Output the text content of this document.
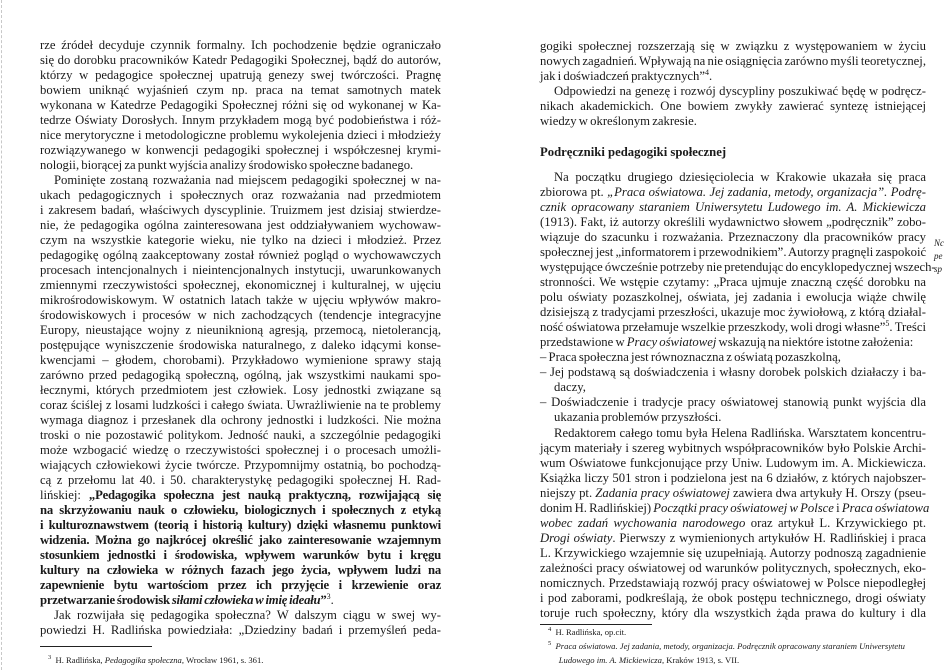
rze źródeł decyduje czynnik formalny. Ich pochodzenie będzie ograniczało
się do dorobku pracowników Katedr Pedagogiki Społecznej, bądź do autorów,
którzy w pedagogice społecznej upatrują genezy swej twórczości. Pragnę
bowiem uniknąć wyjaśnień czym np. praca na temat samotnych matek
wykonana w Katedrze Pedagogiki Społecznej różni się od wykonanej w Ka-
tedrze Oświaty Dorosłych. Innym przykładem mogą być podobieństwa i róż-
nice merytoryczne i metodologiczne problemu wykolejenia dzieci i młodzieży
rozwiązywanego w konwencji pedagogiki społecznej i współczesnej krymi-
nologii, biorącej za punkt wyjścia analizy środowisko społeczne badanego.
Pominięte zostaną rozważania nad miejscem pedagogiki społecznej w na-
ukach pedagogicznych i społecznych oraz rozważania nad przedmiotem
i zakresem badań, właściwych dyscyplinie. Truizmem jest dzisiaj stwierdze-
nie, że pedagogika ogólna zainteresowana jest oddziaływaniem wychowaw-
czym na wszystkie kategorie wieku, nie tylko na dzieci i młodzież. Przez
pedagogikę ogólną zaakceptowany został również pogląd o wychowawczych
procesach intencjonalnych i nieintencjonalnych instytucji, uwarunkowanych
zmiennymi rzeczywistości społecznej, ekonomicznej i kulturalnej, w ujęciu
mikrośrodowiskowym. W ostatnich latach także w ujęciu wpływów makro-
środowiskowych i procesów w nich zachodzących (tendencje integracyjne
Europy, nieustające wojny z nieuniknioną agresją, przemocą, nietolerancją,
postępujące wyniszczenie środowiska naturalnego, z daleko idącymi konse-
kwencjami – głodem, chorobami). Przykładowo wymienione sprawy stają
zarówno przed pedagogiką społeczną, ogólną, jak wszystkimi naukami spo-
łecznymi, których przedmiotem jest człowiek. Losy jednostki związane są
coraz ściślej z losami ludzkości i całego świata. Uwrażliwienie na te problemy
wymaga diagnoz i przesłanek dla ochrony jednostki i ludzkości. Nie można
troski o nie pozostawić politykom. Jedność nauki, a szczególnie pedagogiki
może wzbogacić wiedzę o rzeczywistości społecznej i o procesach umożli-
wiających człowiekowi życie twórcze. Przypomnijmy ostatnią, bo pochodzą-
cą z przełomu lat 40. i 50. charakterystykę pedagogiki społecznej H. Rad-
lińskiej: „Pedagogika społeczna jest nauką praktyczną, rozwijającą się
na skrzyżowaniu nauk o człowieku, biologicznych i społecznych z etyką
i kulturoznawstwem (teorią i historią kultury) dzięki własnemu punktowi
widzenia. Można go najkrócej określić jako zainteresowanie wzajemnym
stosunkiem jednostki i środowiska, wpływem warunków bytu i kręgu
kultury na człowieka w różnych fazach jego życia, wpływem ludzi na
zapewnienie bytu wartościom przez ich przyjęcie i krzewienie oraz
przetwarzanie środowisk siłami człowieka w imię ideału”$^3$.
Jak rozwijała się pedagogika społeczna? W dalszym ciągu w swej wy-
powiedzi H. Radlińska powiedziała: „Dziedziny badań i przemyśleń peda-
$^3$  H. Radlińska, Pedagogika społeczna, Wrocław 1961, s. 361.
gogiki społecznej rozszerzają się w związku z występowaniem w życiu
nowych zagadnień. Wpływają na nie osiągnięcia zarówno myśli teoretycznej,
jak i doświadczeń praktycznych”$^4$.
Odpowiedzi na genezę i rozwój dyscypliny poszukiwać będę w podręcz-
nikach akademickich. One bowiem zwykły zawierać syntezę istniejącej
wiedzy w określonym zakresie.
Podręczniki pedagogiki społecznej
Na początku drugiego dziesięciolecia w Krakowie ukazała się praca
zbiorowa pt. „Praca oświatowa. Jej zadania, metody, organizacja”. Podrę-
cznik opracowany staraniem Uniwersytetu Ludowego im. A. Mickiewicza
(1913). Fakt, iż autorzy określili wydawnictwo słowem „podręcznik” zobo-
wiązuje do szacunku i rozważania. Przeznaczony dla pracowników pracy
społecznej jest „informatorem i przewodnikiem”. Autorzy pragnęli zaspokoić
występujące ówcześnie potrzeby nie pretendując do encyklopedycznej wszech-
stronności. We wstępie czytamy: „Praca ujmuje znaczną część dorobku na
polu oświaty pozaszkolnej, oświata, jej zadania i ewolucja wiąże chwilę
dzisiejszą z tradycjami przeszłości, ukazuje moc żywiołową, z którą działal-
ność oświatowa przełamuje wszelkie przeszkody, woli drogi własne”$^5$. Treści
przedstawione w Pracy oświatowej wskazują na niektóre istotne założenia:
– Praca społeczna jest równoznaczna z oświatą pozaszkolną,
– Jej podstawą są doświadczenia i własny dorobek polskich działaczy i ba-
daczy,
– Doświadczenie i tradycje pracy oświatowej stanowią punkt wyjścia dla
ukazania problemów przyszłości.
Redaktorem całego tomu była Helena Radlińska. Warsztatem koncentru-
jącym materiały i szereg wybitnych współpracowników było Polskie Archi-
wum Oświatowe funkcjonujące przy Uniw. Ludowym im. A. Mickiewicza.
Książka liczy 501 stron i podzielona jest na 6 działów, z których najobszer-
niejszy pt. Zadania pracy oświatowej zawiera dwa artykuły H. Orszy (pseu-
donim H. Radlińskiej) Początki pracy oświatowej w Polsce i Praca oświatowa
wobec zadań wychowania narodowego oraz artykuł L. Krzywickiego pt.
Drogi oświaty. Pierwszy z wymienionych artykułów H. Radlińskiej i praca
L. Krzywickiego wzajemnie się uzupełniają. Autorzy podnoszą zagadnienie
zależności pracy oświatowej od warunków politycznych, społecznych, eko-
nomicznych. Przedstawiają rozwój pracy oświatowej w Polsce niepodległej
i pod zaborami, podkreślają, że obok postępu technicznego, drogi oświaty
toruje ruch społeczny, który dla wszystkich żąda prawa do kultury i dla
$^4$  H. Radlińska, op.cit.
$^5$ Praca oświatowa. Jej zadania, metody, organizacja. Podręcznik opracowany staraniem Uniwersytetu
Ludowego im. A. Mickiewicza, Kraków 1913, s. VII.
Nc
pe
sp
